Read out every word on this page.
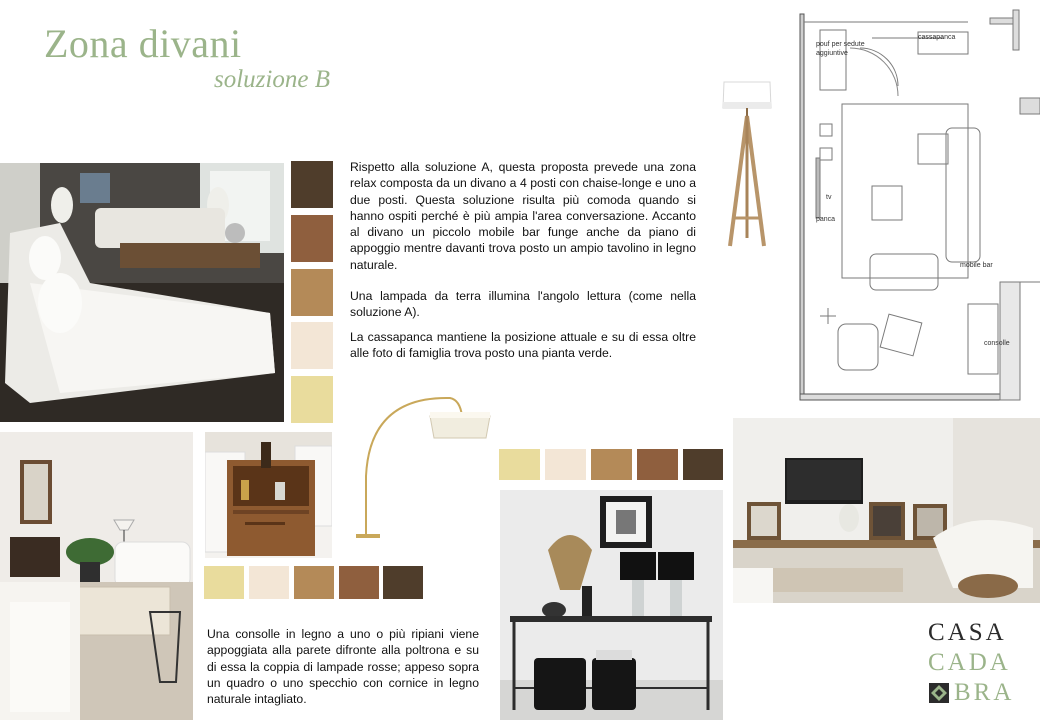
Zona divani
soluzione B
Rispetto alla soluzione A, questa proposta prevede una zona relax composta da un divano a 4 posti con chaise-longe e uno a due posti. Questa soluzione risulta più comoda quando si hanno ospiti perché è più ampia l'area conversazione. Accanto al divano un piccolo mobile bar funge anche da piano di appoggio mentre davanti trova posto un ampio tavolino in legno naturale.
Una lampada da terra illumina l'angolo lettura (come nella soluzione A).
La cassapanca mantiene la posizione attuale e su di essa oltre alle foto di famiglia trova posto una pianta verde.
pouf per sedute aggiuntive
cassapanca
tv
panca
mobile bar
consolle
Una consolle in legno a uno o più ripiani viene appoggiata alla parete difronte alla poltrona e su di essa la coppia di lampade rosse; appeso sopra un quadro o uno specchio con cornice in legno naturale intagliato.
CASA
CADA
BRA
